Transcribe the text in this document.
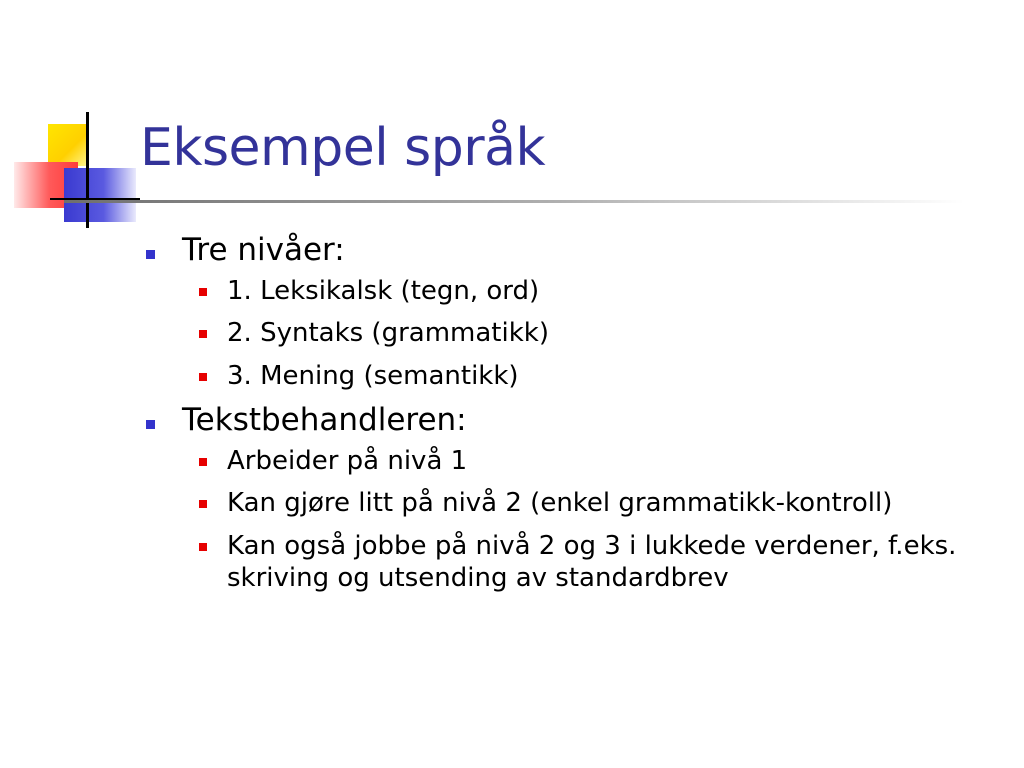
Eksempel språk
Tre nivåer:
1. Leksikalsk (tegn, ord)
2. Syntaks (grammatikk)
3. Mening (semantikk)
Tekstbehandleren:
Arbeider på nivå 1
Kan gjøre litt på nivå 2 (enkel grammatikk-kontroll)
Kan også jobbe på nivå 2 og 3 i lukkede verdener, f.eks. skriving og utsending av standardbrev
